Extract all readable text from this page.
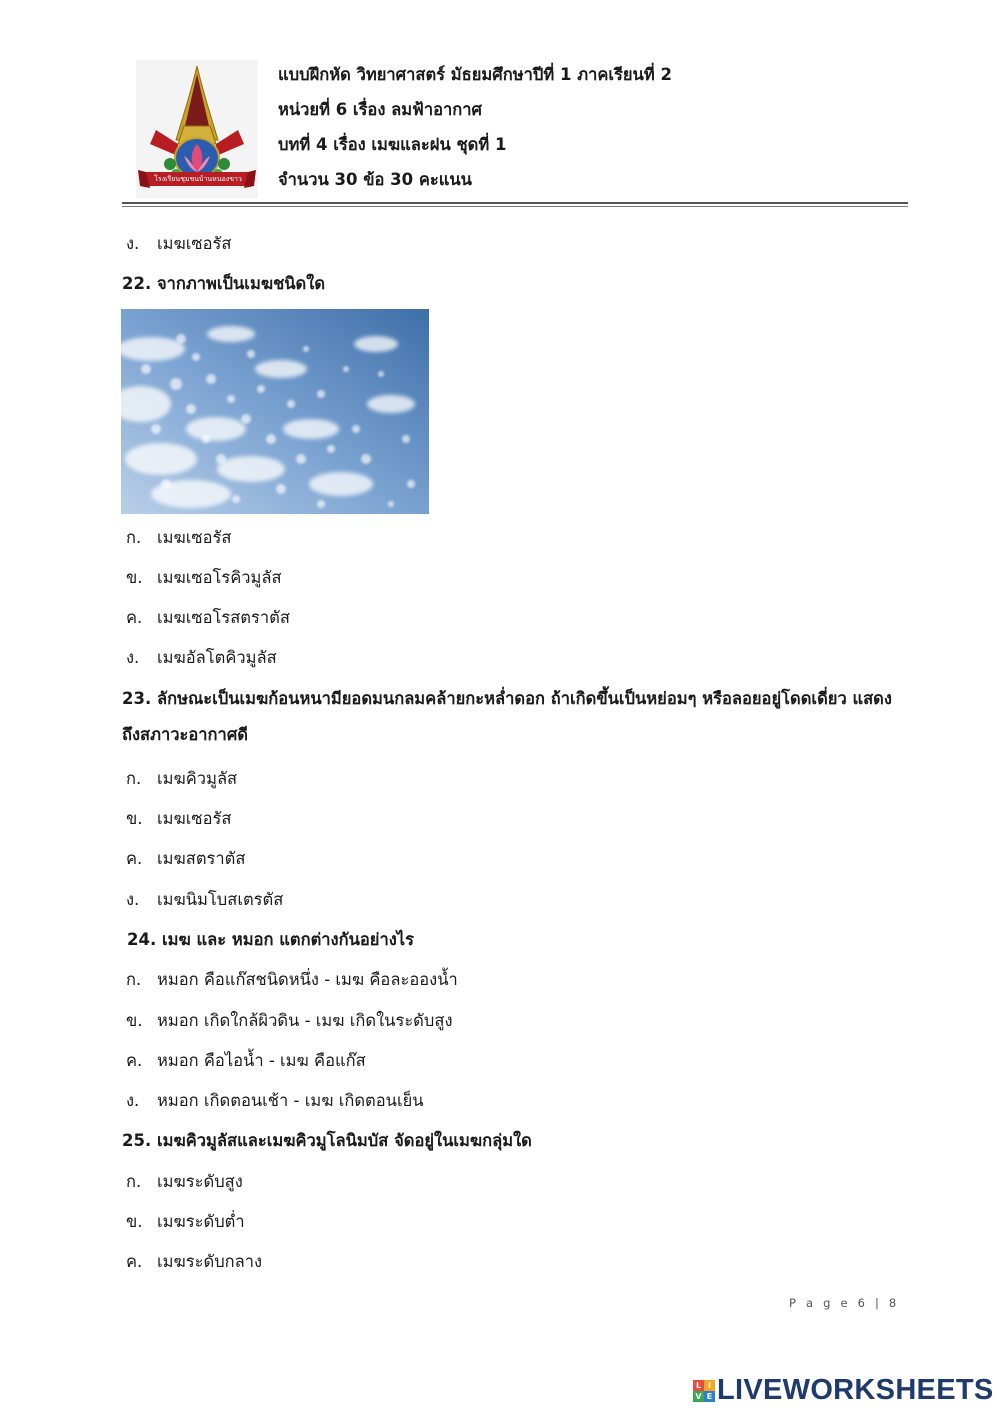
โรงเรียนชุมชนบ้านหนองขาว
แบบฝึกหัด วิทยาศาสตร์ มัธยมศึกษาปีที่ 1 ภาคเรียนที่ 2
หน่วยที่ 6 เรื่อง ลมฟ้าอากาศ
บทที่ 4 เรื่อง เมฆและฝน ชุดที่ 1
จำนวน 30 ข้อ 30 คะแนน
ง. เมฆเซอรัส
22. จากภาพเป็นเมฆชนิดใด
ก. เมฆเซอรัส
ข. เมฆเซอโรคิวมูลัส
ค. เมฆเซอโรสตราตัส
ง. เมฆอัลโตคิวมูลัส
23. ลักษณะเป็นเมฆก้อนหนามียอดมนกลมคล้ายกะหล่ำดอก ถ้าเกิดขึ้นเป็นหย่อมๆ หรือลอยอยู่โดดเดี่ยว แสดงถึงสภาวะอากาศดี
ก. เมฆคิวมูลัส
ข. เมฆเซอรัส
ค. เมฆสตราตัส
ง. เมฆนิมโบสเตรตัส
24. เมฆ และ หมอก แตกต่างกันอย่างไร
ก. หมอก คือแก๊สชนิดหนึ่ง - เมฆ คือละอองน้ำ
ข. หมอก เกิดใกล้ผิวดิน - เมฆ เกิดในระดับสูง
ค. หมอก คือไอน้ำ - เมฆ คือแก๊ส
ง. หมอก เกิดตอนเช้า - เมฆ เกิดตอนเย็น
25. เมฆคิวมูลัสและเมฆคิวมูโลนิมบัส จัดอยู่ในเมฆกลุ่มใด
ก. เมฆระดับสูง
ข. เมฆระดับต่ำ
ค. เมฆระดับกลาง
P a g e 6 | 8
L I
V E LIVEWORKSHEETS
